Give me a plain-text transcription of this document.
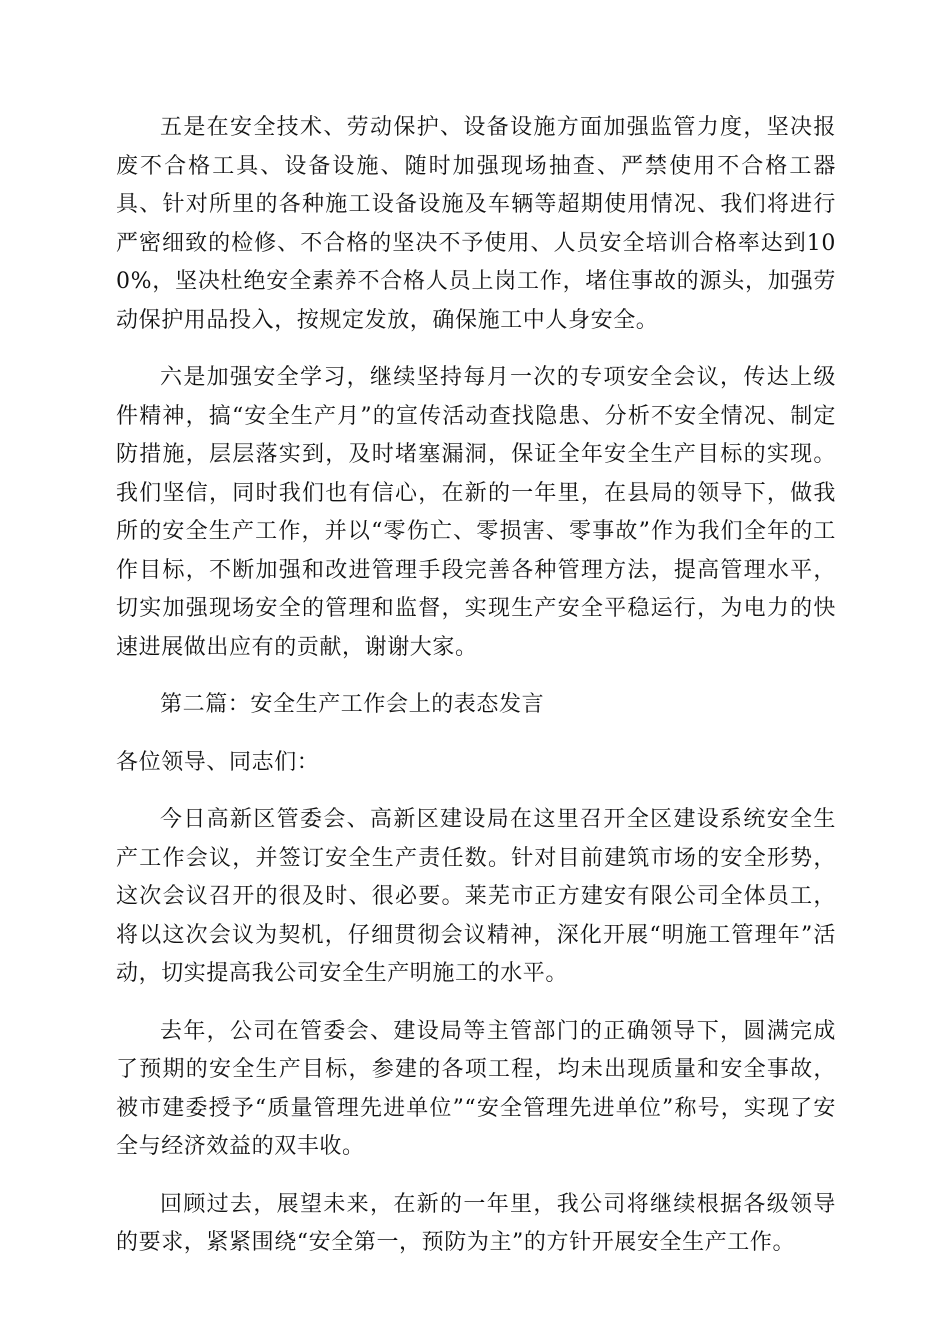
五是在安全技术、劳动保护、设备设施方面加强监管力度，坚决报废不合格工具、设备设施、随时加强现场抽查、严禁使用不合格工器具、针对所里的各种施工设备设施及车辆等超期使用情况、我们将进行严密细致的检修、不合格的坚决不予使用、人员安全培训合格率达到100%，坚决杜绝安全素养不合格人员上岗工作，堵住事故的源头，加强劳动保护用品投入，按规定发放，确保施工中人身安全。

六是加强安全学习，继续坚持每月一次的专项安全会议，传达上级件精神，搞“安全生产月”的宣传活动查找隐患、分析不安全情况、制定防措施，层层落实到，及时堵塞漏洞，保证全年安全生产目标的实现。我们坚信，同时我们也有信心，在新的一年里，在县局的领导下，做我所的安全生产工作，并以“零伤亡、零损害、零事故”作为我们全年的工作目标，不断加强和改进管理手段完善各种管理方法，提高管理水平，切实加强现场安全的管理和监督，实现生产安全平稳运行，为电力的快速进展做出应有的贡献，谢谢大家。

第二篇：安全生产工作会上的表态发言

各位领导、同志们：

今日高新区管委会、高新区建设局在这里召开全区建设系统安全生产工作会议，并签订安全生产责任数。针对目前建筑市场的安全形势，这次会议召开的很及时、很必要。莱芜市正方建安有限公司全体员工，将以这次会议为契机，仔细贯彻会议精神，深化开展“明施工管理年”活动，切实提高我公司安全生产明施工的水平。

去年，公司在管委会、建设局等主管部门的正确领导下，圆满完成了预期的安全生产目标，参建的各项工程，均未出现质量和安全事故，被市建委授予“质量管理先进单位”“安全管理先进单位”称号，实现了安全与经济效益的双丰收。

回顾过去，展望未来，在新的一年里，我公司将继续根据各级领导的要求，紧紧围绕“安全第一，预防为主”的方针开展安全生产工作。
